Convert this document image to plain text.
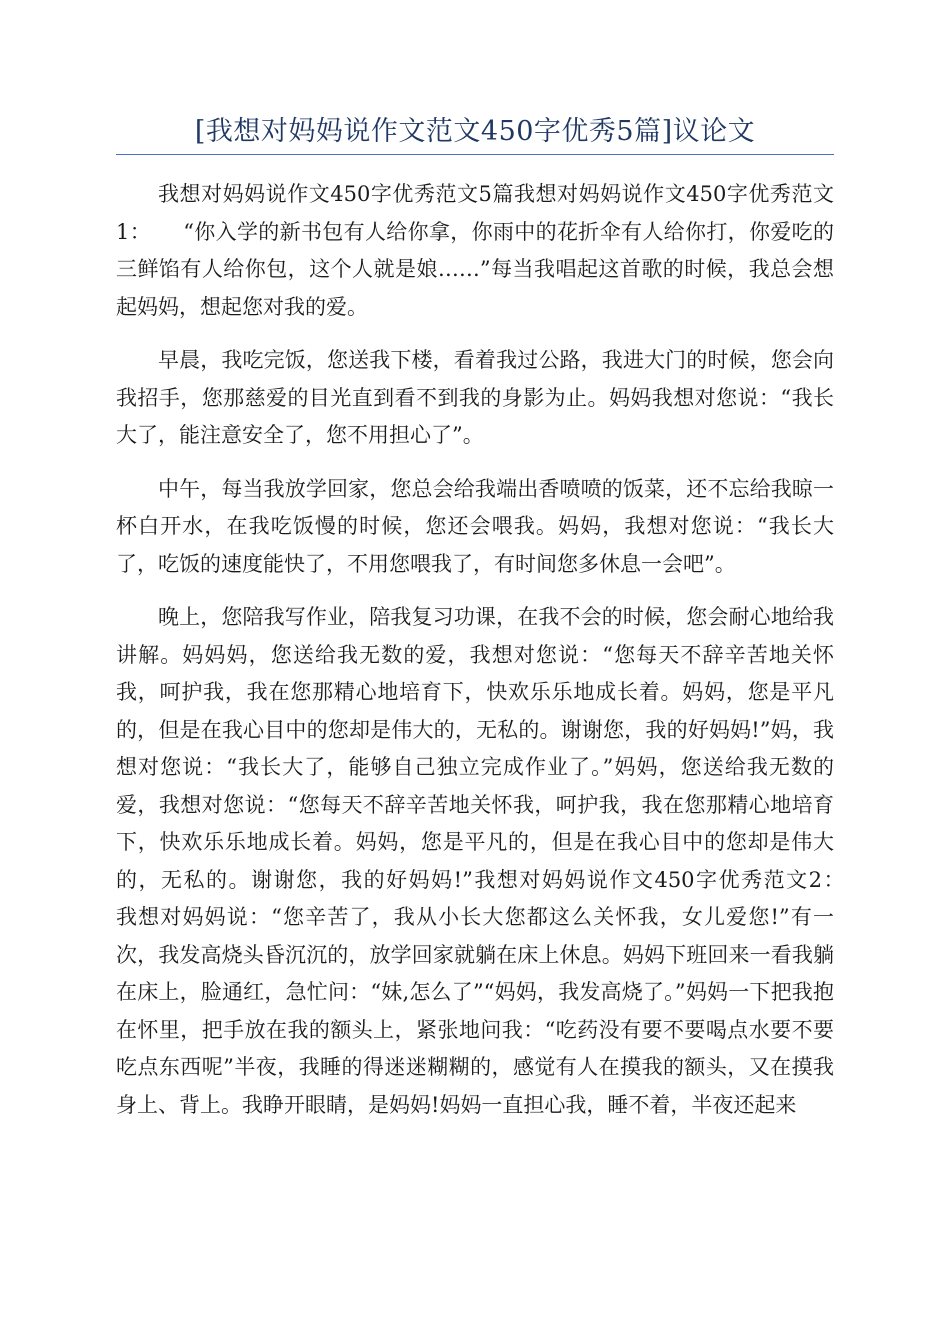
[我想对妈妈说作文范文450字优秀5篇]议论文

我想对妈妈说作文450字优秀范文5篇我想对妈妈说作文450字优秀范文1：　　“你入学的新书包有人给你拿，你雨中的花折伞有人给你打，你爱吃的三鲜馅有人给你包，这个人就是娘……”每当我唱起这首歌的时候，我总会想起妈妈，想起您对我的爱。

早晨，我吃完饭，您送我下楼，看着我过公路，我进大门的时候，您会向我招手，您那慈爱的目光直到看不到我的身影为止。妈妈我想对您说：“我长大了，能注意安全了，您不用担心了”。

中午，每当我放学回家，您总会给我端出香喷喷的饭菜，还不忘给我晾一杯白开水，在我吃饭慢的时候，您还会喂我。妈妈，我想对您说：“我长大了，吃饭的速度能快了，不用您喂我了，有时间您多休息一会吧”。

晚上，您陪我写作业，陪我复习功课，在我不会的时候，您会耐心地给我讲解。妈妈妈，您送给我无数的爱，我想对您说：“您每天不辞辛苦地关怀我，呵护我，我在您那精心地培育下，快欢乐乐地成长着。妈妈，您是平凡的，但是在我心目中的您却是伟大的，无私的。谢谢您，我的好妈妈!”妈，我想对您说：“我长大了，能够自己独立完成作业了。”妈妈，您送给我无数的爱，我想对您说：“您每天不辞辛苦地关怀我，呵护我，我在您那精心地培育下，快欢乐乐地成长着。妈妈，您是平凡的，但是在我心目中的您却是伟大的，无私的。谢谢您，我的好妈妈!”我想对妈妈说作文450字优秀范文2：　　我想对妈妈说：“您辛苦了，我从小长大您都这么关怀我，女儿爱您!”有一次，我发高烧头昏沉沉的，放学回家就躺在床上休息。妈妈下班回来一看我躺在床上，脸通红，急忙问：“妹,怎么了”“妈妈，我发高烧了。”妈妈一下把我抱在怀里，把手放在我的额头上，紧张地问我：“吃药没有要不要喝点水要不要吃点东西呢”半夜，我睡的得迷迷糊糊的，感觉有人在摸我的额头，又在摸我身上、背上。我睁开眼睛，是妈妈!妈妈一直担心我，睡不着，半夜还起来
